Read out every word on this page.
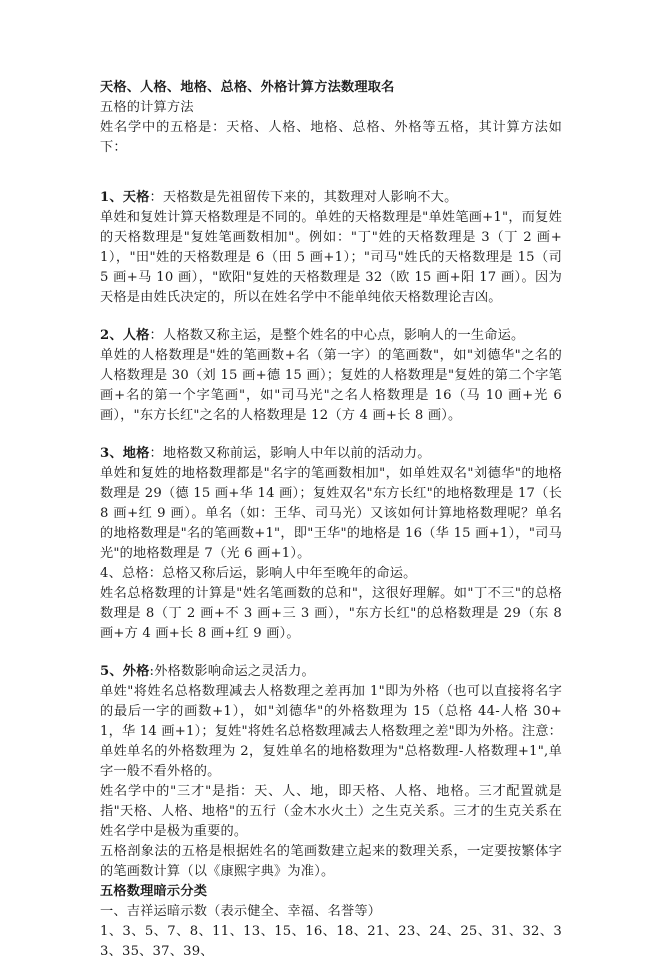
天格、人格、地格、总格、外格计算方法数理取名

五格的计算方法

姓名学中的五格是：天格、人格、地格、总格、外格等五格，其计算方法如下：

1、天格：天格数是先祖留传下来的，其数理对人影响不大。

单姓和复姓计算天格数理是不同的。单姓的天格数理是"单姓笔画+1"，而复姓的天格数理是"复姓笔画数相加"。例如："丁"姓的天格数理是 3（丁 2 画+1），"田"姓的天格数理是 6（田 5 画+1）；"司马"姓氏的天格数理是 15（司 5 画+马 10 画），"欧阳"复姓的天格数理是 32（欧 15 画+阳 17 画）。因为天格是由姓氏决定的，所以在姓名学中不能单纯依天格数理论吉凶。

2、人格：人格数又称主运，是整个姓名的中心点，影响人的一生命运。

单姓的人格数理是"姓的笔画数+名（第一字）的笔画数"，如"刘德华"之名的人格数理是 30（刘 15 画+德 15 画）；复姓的人格数理是"复姓的第二个字笔画+名的第一个字笔画"，如"司马光"之名人格数理是 16（马 10 画+光 6 画），"东方长红"之名的人格数理是 12（方 4 画+长 8 画）。

3、地格：地格数又称前运，影响人中年以前的活动力。

单姓和复姓的地格数理都是"名字的笔画数相加"，如单姓双名"刘德华"的地格数理是 29（德 15 画+华 14 画）；复姓双名"东方长红"的地格数理是 17（长 8 画+红 9 画）。单名（如：王华、司马光）又该如何计算地格数理呢？单名的地格数理是"名的笔画数+1"，即"王华"的地格是 16（华 15 画+1），"司马光"的地格数理是 7（光 6 画+1）。

4、总格：总格又称后运，影响人中年至晚年的命运。

姓名总格数理的计算是"姓名笔画数的总和"，这很好理解。如"丁不三"的总格数理是 8（丁 2 画+不 3 画+三 3 画），"东方长红"的总格数理是 29（东 8 画+方 4 画+长 8 画+红 9 画）。

5、外格:外格数影响命运之灵活力。

单姓"将姓名总格数理减去人格数理之差再加 1"即为外格（也可以直接将名字的最后一字的画数+1），如"刘德华"的外格数理为 15（总格 44-人格 30+1，华 14 画+1）；复姓"将姓名总格数理减去人格数理之差"即为外格。注意：单姓单名的外格数理为 2，复姓单名的地格数理为"总格数理-人格数理+1",单字一般不看外格的。

姓名学中的"三才"是指：天、人、地，即天格、人格、地格。三才配置就是指"天格、人格、地格"的五行（金木水火土）之生克关系。三才的生克关系在姓名学中是极为重要的。

五格剖象法的五格是根据姓名的笔画数建立起来的数理关系，一定要按繁体字的笔画数计算（以《康熙字典》为准）。

五格数理暗示分类

一、吉祥运暗示数（表示健全、幸福、名誉等）

1、3、5、7、8、11、13、15、16、18、21、23、24、25、31、32、33、35、37、39、
